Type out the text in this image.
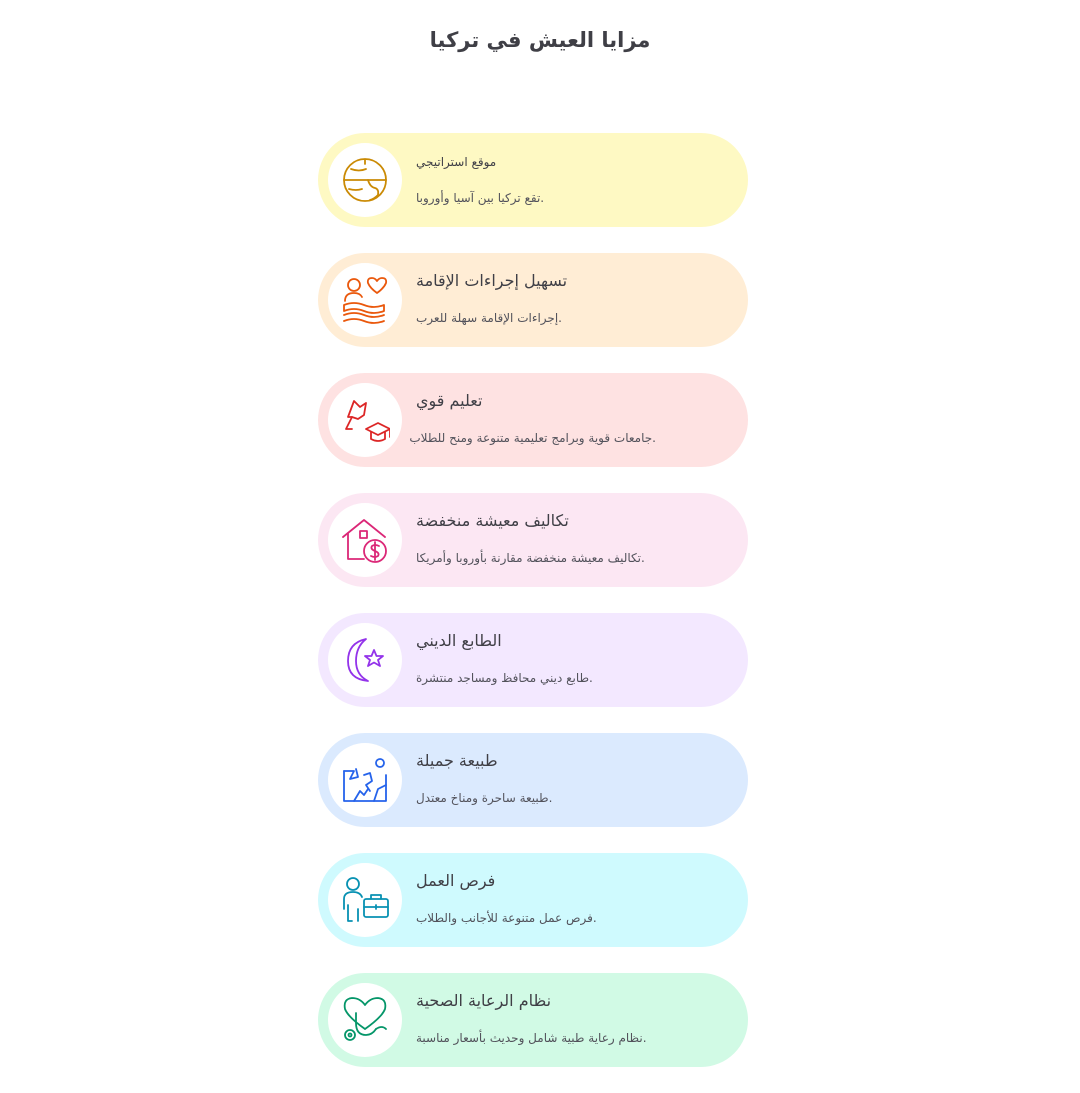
مزايا العيش في تركيا
موقع استراتيجي
.تقع تركيا بين آسيا وأوروبا
تسهيل إجراءات الإقامة
.إجراءات الإقامة سهلة للعرب
تعليم قوي
.جامعات قوية وبرامج تعليمية متنوعة ومنح للطلاب
تكاليف معيشة منخفضة
.تكاليف معيشة منخفضة مقارنة بأوروبا وأمريكا
الطابع الديني
.طابع ديني محافظ ومساجد منتشرة
طبيعة جميلة
.طبيعة ساحرة ومناخ معتدل
فرص العمل
.فرص عمل متنوعة للأجانب والطلاب
نظام الرعاية الصحية
.نظام رعاية طبية شامل وحديث بأسعار مناسبة
